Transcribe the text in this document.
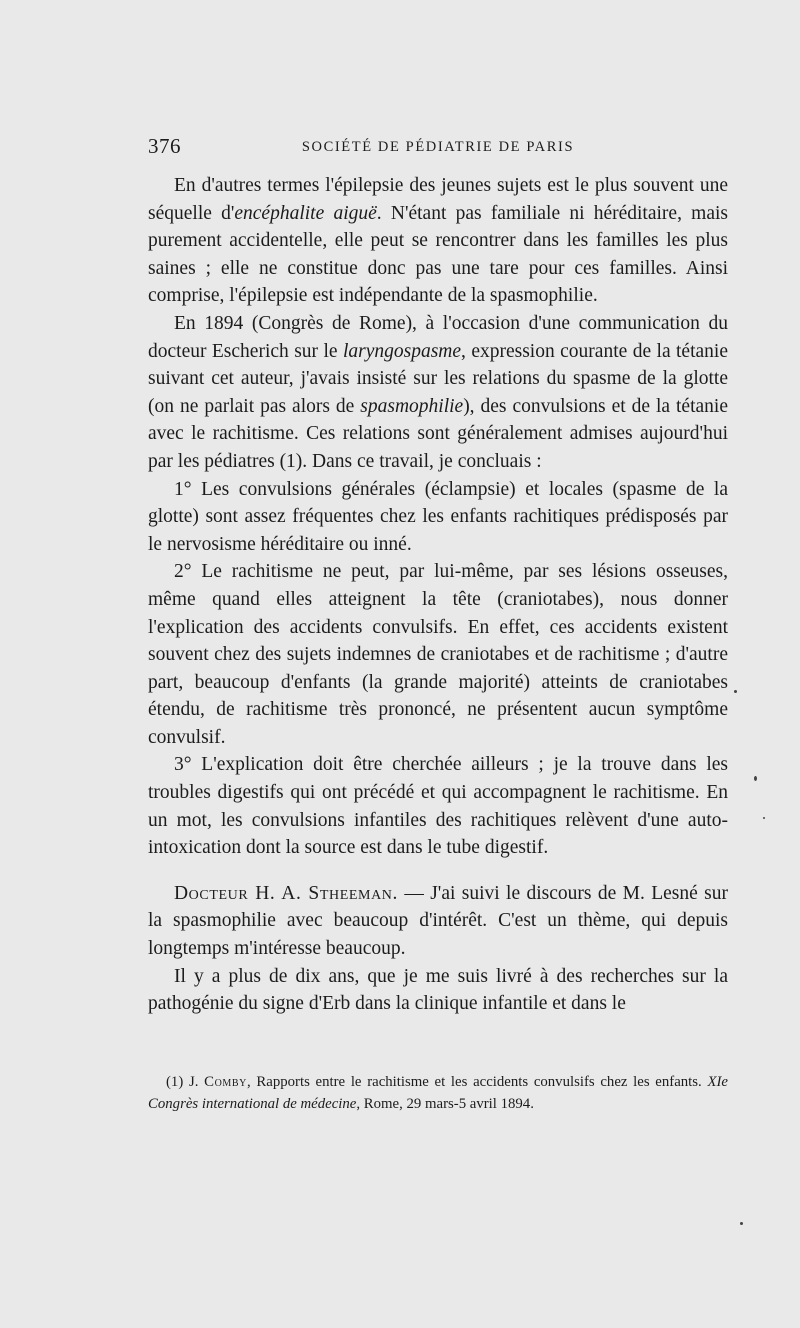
376	SOCIÉTÉ DE PÉDIATRIE DE PARIS

En d'autres termes l'épilepsie des jeunes sujets est le plus souvent une séquelle d'encéphalite aiguë. N'étant pas familiale ni héréditaire, mais purement accidentelle, elle peut se rencontrer dans les familles les plus saines ; elle ne constitue donc pas une tare pour ces familles. Ainsi comprise, l'épilepsie est indépendante de la spasmophilie.

En 1894 (Congrès de Rome), à l'occasion d'une communication du docteur Escherich sur le laryngospasme, expression courante de la tétanie suivant cet auteur, j'avais insisté sur les relations du spasme de la glotte (on ne parlait pas alors de spasmophilie), des convulsions et de la tétanie avec le rachitisme. Ces relations sont généralement admises aujourd'hui par les pédiatres (1). Dans ce travail, je concluais :

1° Les convulsions générales (éclampsie) et locales (spasme de la glotte) sont assez fréquentes chez les enfants rachitiques prédisposés par le nervosisme héréditaire ou inné.

2° Le rachitisme ne peut, par lui-même, par ses lésions osseuses, même quand elles atteignent la tête (craniotabes), nous donner l'explication des accidents convulsifs. En effet, ces accidents existent souvent chez des sujets indemnes de craniotabes et de rachitisme ; d'autre part, beaucoup d'enfants (la grande majorité) atteints de craniotabes étendu, de rachitisme très prononcé, ne présentent aucun symptôme convulsif.

3° L'explication doit être cherchée ailleurs ; je la trouve dans les troubles digestifs qui ont précédé et qui accompagnent le rachitisme. En un mot, les convulsions infantiles des rachitiques relèvent d'une auto-intoxication dont la source est dans le tube digestif.

Docteur H. A. Stheeman. — J'ai suivi le discours de M. Lesné sur la spasmophilie avec beaucoup d'intérêt. C'est un thème, qui depuis longtemps m'intéresse beaucoup.

Il y a plus de dix ans, que je me suis livré à des recherches sur la pathogénie du signe d'Erb dans la clinique infantile et dans le

(1) J. Comby, Rapports entre le rachitisme et les accidents convulsifs chez les enfants. XIe Congrès international de médecine, Rome, 29 mars-5 avril 1894.
